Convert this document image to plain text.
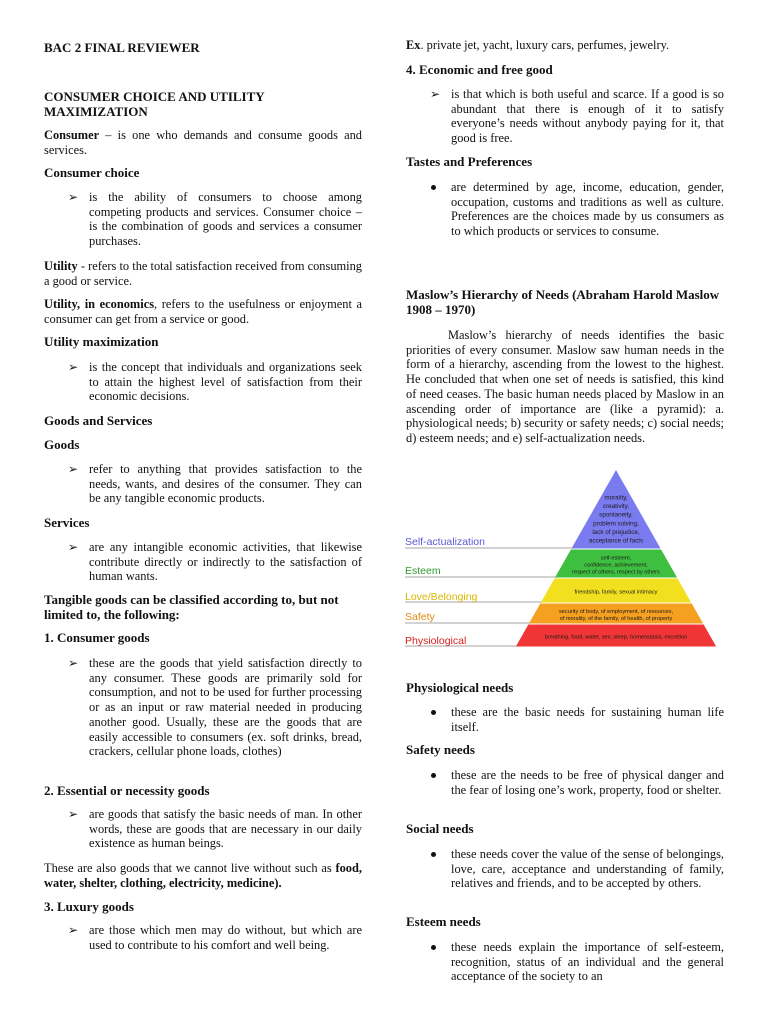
BAC 2 FINAL REVIEWER
CONSUMER CHOICE AND UTILITY MAXIMIZATION
Consumer – is one who demands and consume goods and services.
Consumer choice
➢ is the ability of consumers to choose among competing products and services. Consumer choice – is the combination of goods and services a consumer purchases.
Utility - refers to the total satisfaction received from consuming a good or service.
Utility, in economics, refers to the usefulness or enjoyment a consumer can get from a service or good.
Utility maximization
➢ is the concept that individuals and organizations seek to attain the highest level of satisfaction from their economic decisions.
Goods and Services
Goods
➢ refer to anything that provides satisfaction to the needs, wants, and desires of the consumer. They can be any tangible economic products.
Services
➢ are any intangible economic activities, that likewise contribute directly or indirectly to the satisfaction of human wants.
Tangible goods can be classified according to, but not limited to, the following:
1. Consumer goods
➢ these are the goods that yield satisfaction directly to any consumer. These goods are primarily sold for consumption, and not to be used for further processing or as an input or raw material needed in producing another good. Usually, these are the goods that are easily accessible to consumers (ex. soft drinks, bread, crackers, cellular phone loads, clothes)
2. Essential or necessity goods
➢ are goods that satisfy the basic needs of man. In other words, these are goods that are necessary in our daily existence as human beings.
These are also goods that we cannot live without such as food, water, shelter, clothing, electricity, medicine).
3. Luxury goods
➢ are those which men may do without, but which are used to contribute to his comfort and well being.
Ex. private jet, yacht, luxury cars, perfumes, jewelry.
4. Economic and free good
➢ is that which is both useful and scarce. If a good is so abundant that there is enough of it to satisfy everyone’s needs without anybody paying for it, that good is free.
Tastes and Preferences
are determined by age, income, education, gender, occupation, customs and traditions as well as culture. Preferences are the choices made by us consumers as to which products or services to consume.
Maslow’s Hierarchy of Needs (Abraham Harold Maslow 1908 – 1970)
Maslow’s hierarchy of needs identifies the basic priorities of every consumer. Maslow saw human needs in the form of a hierarchy, ascending from the lowest to the highest. He concluded that when one set of needs is satisfied, this kind of need ceases. The basic human needs placed by Maslow in an ascending order of importance are (like a pyramid): a. physiological needs; b) security or safety needs; c) social needs; d) esteem needs; and e) self-actualization needs.
Physiological needs
these are the basic needs for sustaining human life itself.
Safety needs
these are the needs to be free of physical danger and the fear of losing one’s work, property, food or shelter.
Social needs
these needs cover the value of the sense of belongings, love, care, acceptance and understanding of family, relatives and friends, and to be accepted by others.
Esteem needs
these needs explain the importance of self-esteem, recognition, status of an individual and the general acceptance of the society to an
Self-actualization
morality,
creativity,
spontaneity,
problem solving,
lack of prejudice,
acceptance of facts
Esteem
self-esteem,
confidence, achievement,
respect of others, respect by others
Love/Belonging	friendship, family, sexual intimacy
Safety	security of body, of employment, of resources,
of morality, of the family, of health, of property
Physiological	breathing, food, water, sex, sleep, homeostasis, excretion
